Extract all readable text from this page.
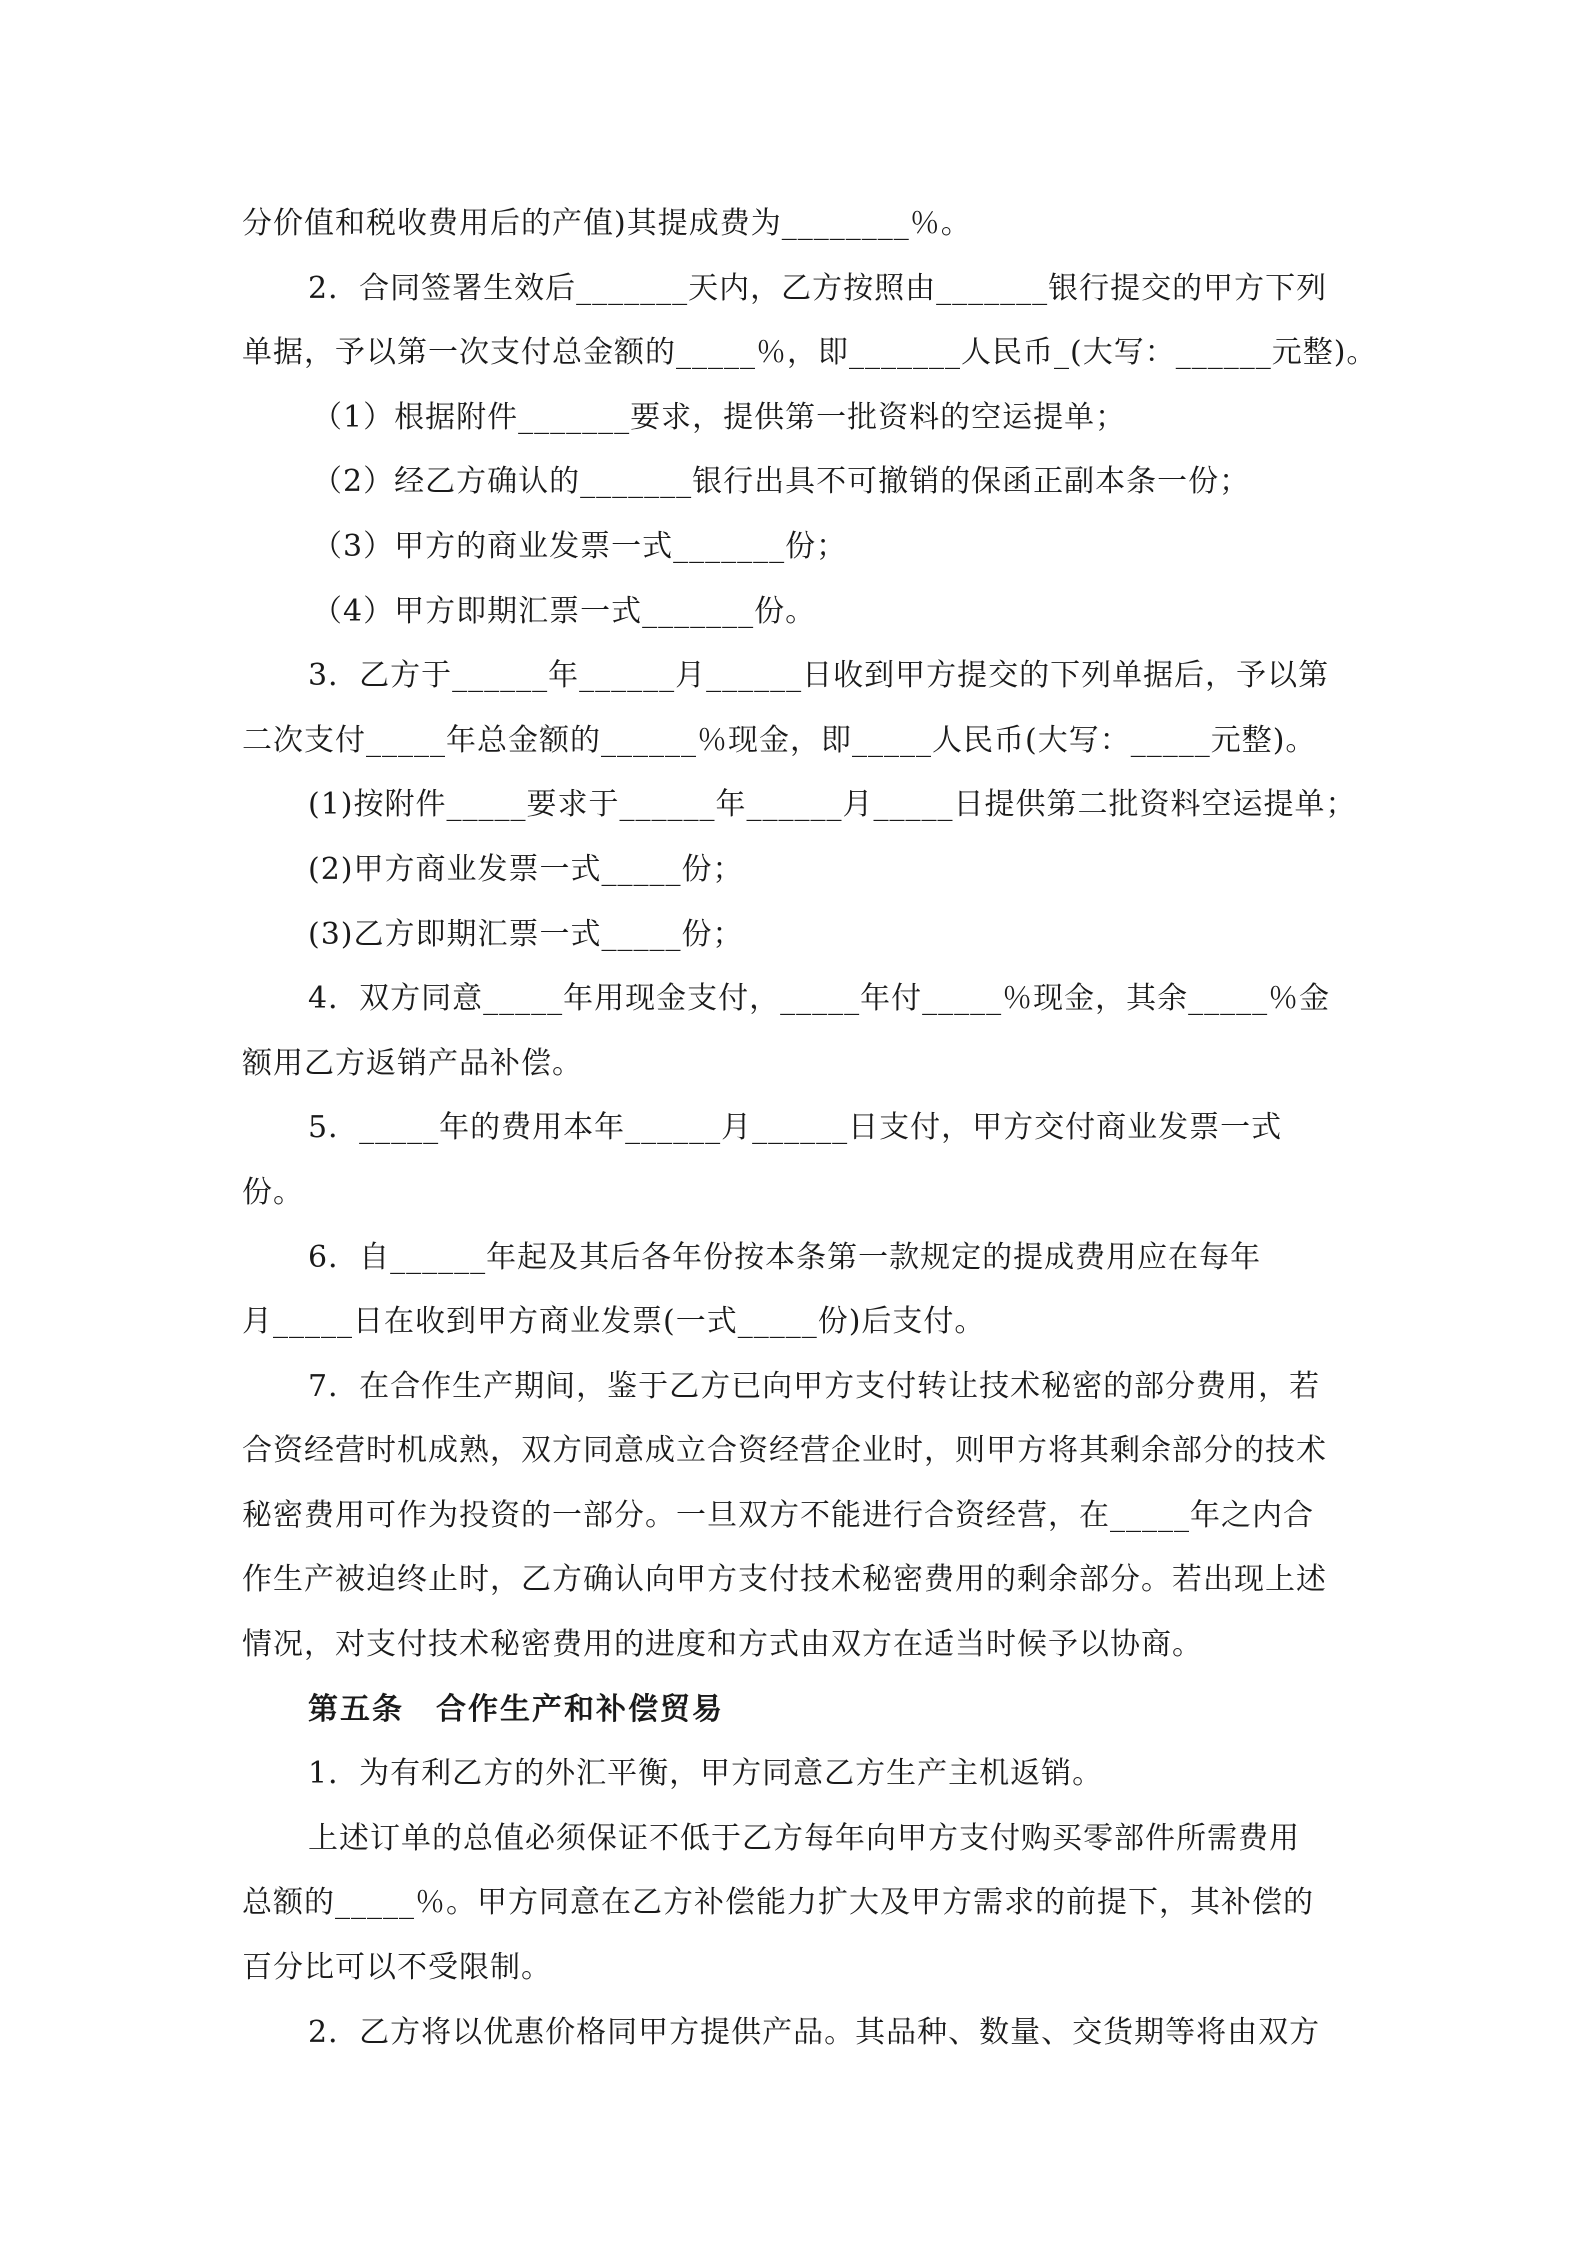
分价值和税收费用后的产值)其提成费为________％。
2．合同签署生效后_______天内，乙方按照由_______银行提交的甲方下列
单据，予以第一次支付总金额的_____％，即_______人民币_(大写：______元整)。
（1）根据附件_______要求，提供第一批资料的空运提单；
（2）经乙方确认的_______银行出具不可撤销的保函正副本条一份；
（3）甲方的商业发票一式_______份；
（4）甲方即期汇票一式_______份。
3．乙方于______年______月______日收到甲方提交的下列单据后，予以第
二次支付_____年总金额的______％现金，即_____人民币(大写：_____元整)。
(1)按附件_____要求于______年______月_____日提供第二批资料空运提单；
(2)甲方商业发票一式_____份；
(3)乙方即期汇票一式_____份；
4．双方同意_____年用现金支付，_____年付_____％现金，其余_____％金
额用乙方返销产品补偿。
5．_____年的费用本年______月______日支付，甲方交付商业发票一式
份。
6．自______年起及其后各年份按本条第一款规定的提成费用应在每年
月_____日在收到甲方商业发票(一式_____份)后支付。
7．在合作生产期间，鉴于乙方已向甲方支付转让技术秘密的部分费用，若
合资经营时机成熟，双方同意成立合资经营企业时，则甲方将其剩余部分的技术
秘密费用可作为投资的一部分。一旦双方不能进行合资经营，在_____年之内合
作生产被迫终止时，乙方确认向甲方支付技术秘密费用的剩余部分。若出现上述
情况，对支付技术秘密费用的进度和方式由双方在适当时候予以协商。
第五条　合作生产和补偿贸易
1．为有利乙方的外汇平衡，甲方同意乙方生产主机返销。
上述订单的总值必须保证不低于乙方每年向甲方支付购买零部件所需费用
总额的_____％。甲方同意在乙方补偿能力扩大及甲方需求的前提下，其补偿的
百分比可以不受限制。
2．乙方将以优惠价格同甲方提供产品。其品种、数量、交货期等将由双方
